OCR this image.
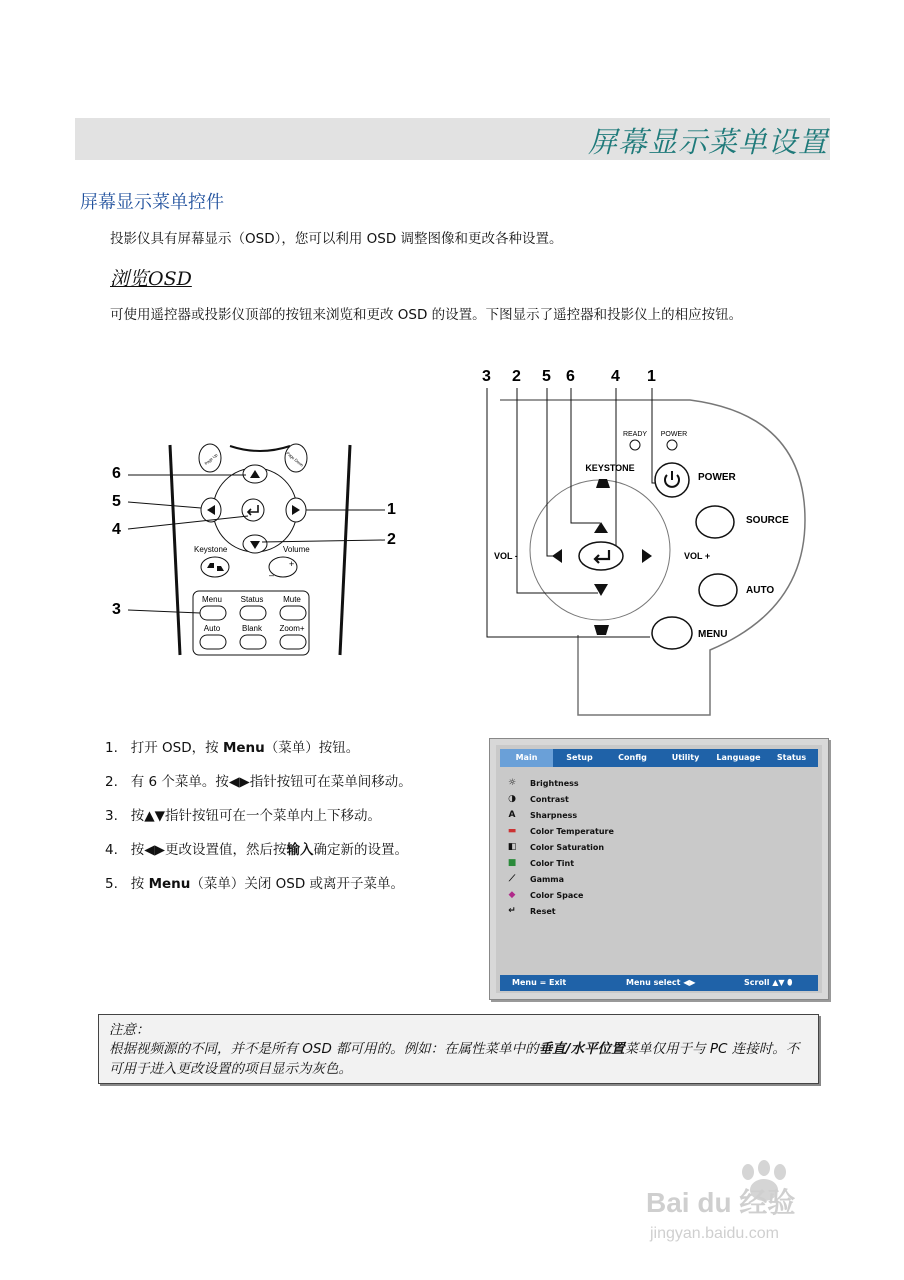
屏幕显示菜单设置
屏幕显示菜单控件
投影仪具有屏幕显示（OSD），您可以利用 OSD 调整图像和更改各种设置。
浏览OSD
可使用遥控器或投影仪顶部的按钮来浏览和更改 OSD 的设置。下图显示了遥控器和投影仪上的相应按钮。
Page Up	Page Down
Keystone	Volume
–
+
Menu Status Mute
Auto	Blank Zoom+
6
5
4
3
1
2
3 2 5 6 4 1
READY POWER
KEYSTONE
POWER
SOURCE
VOL -	VOL +
AUTO
MENU
1. 打开 OSD，按 Menu（菜单）按钮。
2. 有 6 个菜单。按◀▶指针按钮可在菜单间移动。
3. 按▲▼指针按钮可在一个菜单内上下移动。
4. 按◀▶更改设置值，然后按输入确定新的设置。
5. 按 Menu（菜单）关闭 OSD 或离开子菜单。
Main	Setup	Config	Utility	Language	Status
☼ Brightness
◑ Contrast
A	Sharpness
▬ Color Temperature
◧ Color Saturation
■ Color Tint
⟋	Gamma
◆	Color Space
↵ Reset
Menu = Exit	Menu select ◀▶	Scroll ▲▼ ⬮
注意：
根据视频源的不同，并不是所有 OSD 都可用的。例如：在属性菜单中的垂直/水平位置菜单仅用于与 PC 连接时。不可用于进入更改设置的项目显示为灰色。
Bai du 经验
jingyan.baidu.com
